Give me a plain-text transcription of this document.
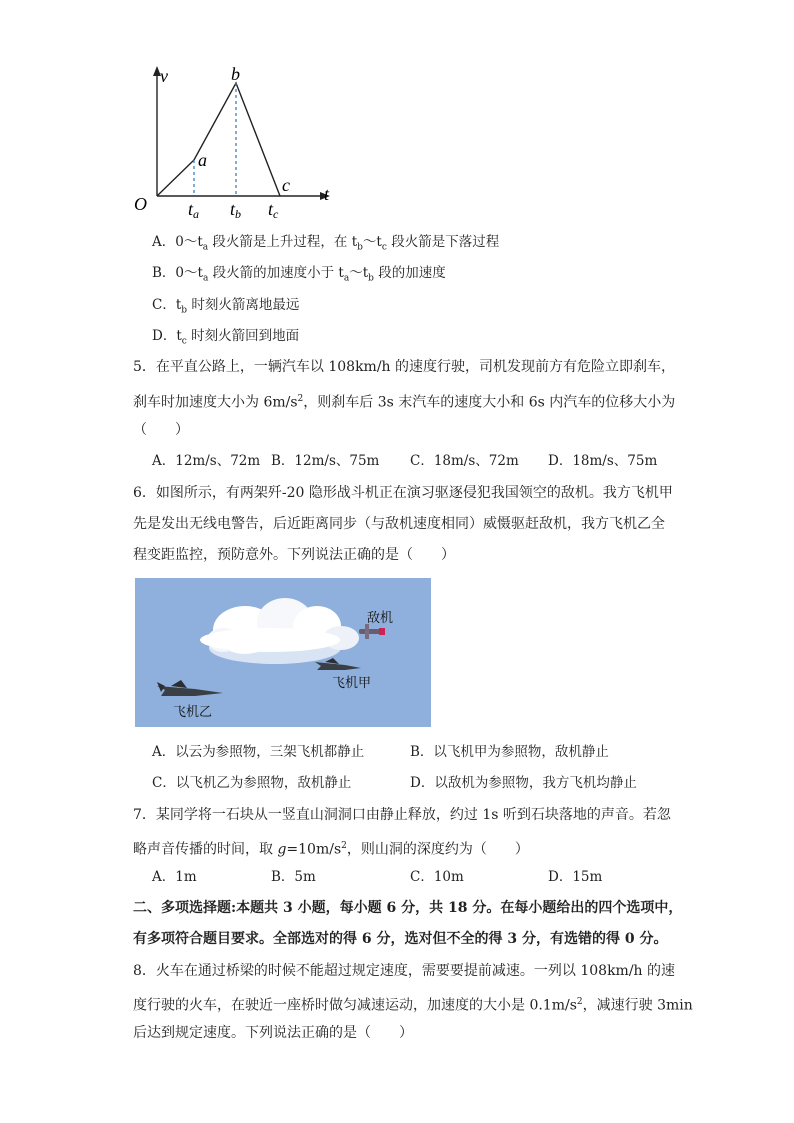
v
t
O
a
b
c
ta tb tc
A．$0\sim t_a$ 段火箭是上升过程，在 $t_b\sim t_c$ 段火箭是下落过程
B．$0\sim t_a$ 段火箭的加速度小于 $t_a\sim t_b$ 段的加速度
C．$t_b$ 时刻火箭离地最远
D．$t_c$ 时刻火箭回到地面
5．在平直公路上，一辆汽车以 108km/h 的速度行驶，司机发现前方有危险立即刹车，
刹车时加速度大小为 $6m/s^2$，则刹车后 3s 末汽车的速度大小和 6s 内汽车的位移大小为
（　　）
A．12m/s、72m B．12m/s、75m C．18m/s、72m D．18m/s、75m
6．如图所示，有两架歼-20 隐形战斗机正在演习驱逐侵犯我国领空的敌机。我方飞机甲
先是发出无线电警告，后近距离同步（与敌机速度相同）威慑驱赶敌机，我方飞机乙全
程变距监控，预防意外。下列说法正确的是（　　）
敌机
飞机甲
飞机乙
A．以云为参照物，三架飞机都静止	B．以飞机甲为参照物，敌机静止
C．以飞机乙为参照物，敌机静止	D．以敌机为参照物，我方飞机均静止
7．某同学将一石块从一竖直山洞洞口由静止释放，约过 1s 听到石块落地的声音。若忽
略声音传播的时间，取 $g=10m/s^2$，则山洞的深度约为（　　）
A．1m	B．5m	C．10m	D．15m
二、多项选择题:本题共 3 小题，每小题 6 分，共 18 分。在每小题给出的四个选项中，
有多项符合题目要求。全部选对的得 6 分，选对但不全的得 3 分，有选错的得 0 分。
8．火车在通过桥梁的时候不能超过规定速度，需要要提前减速。一列以 108km/h 的速
度行驶的火车，在驶近一座桥时做匀减速运动，加速度的大小是 $0.1m/s^2$，减速行驶 3min
后达到规定速度。下列说法正确的是（　　）
